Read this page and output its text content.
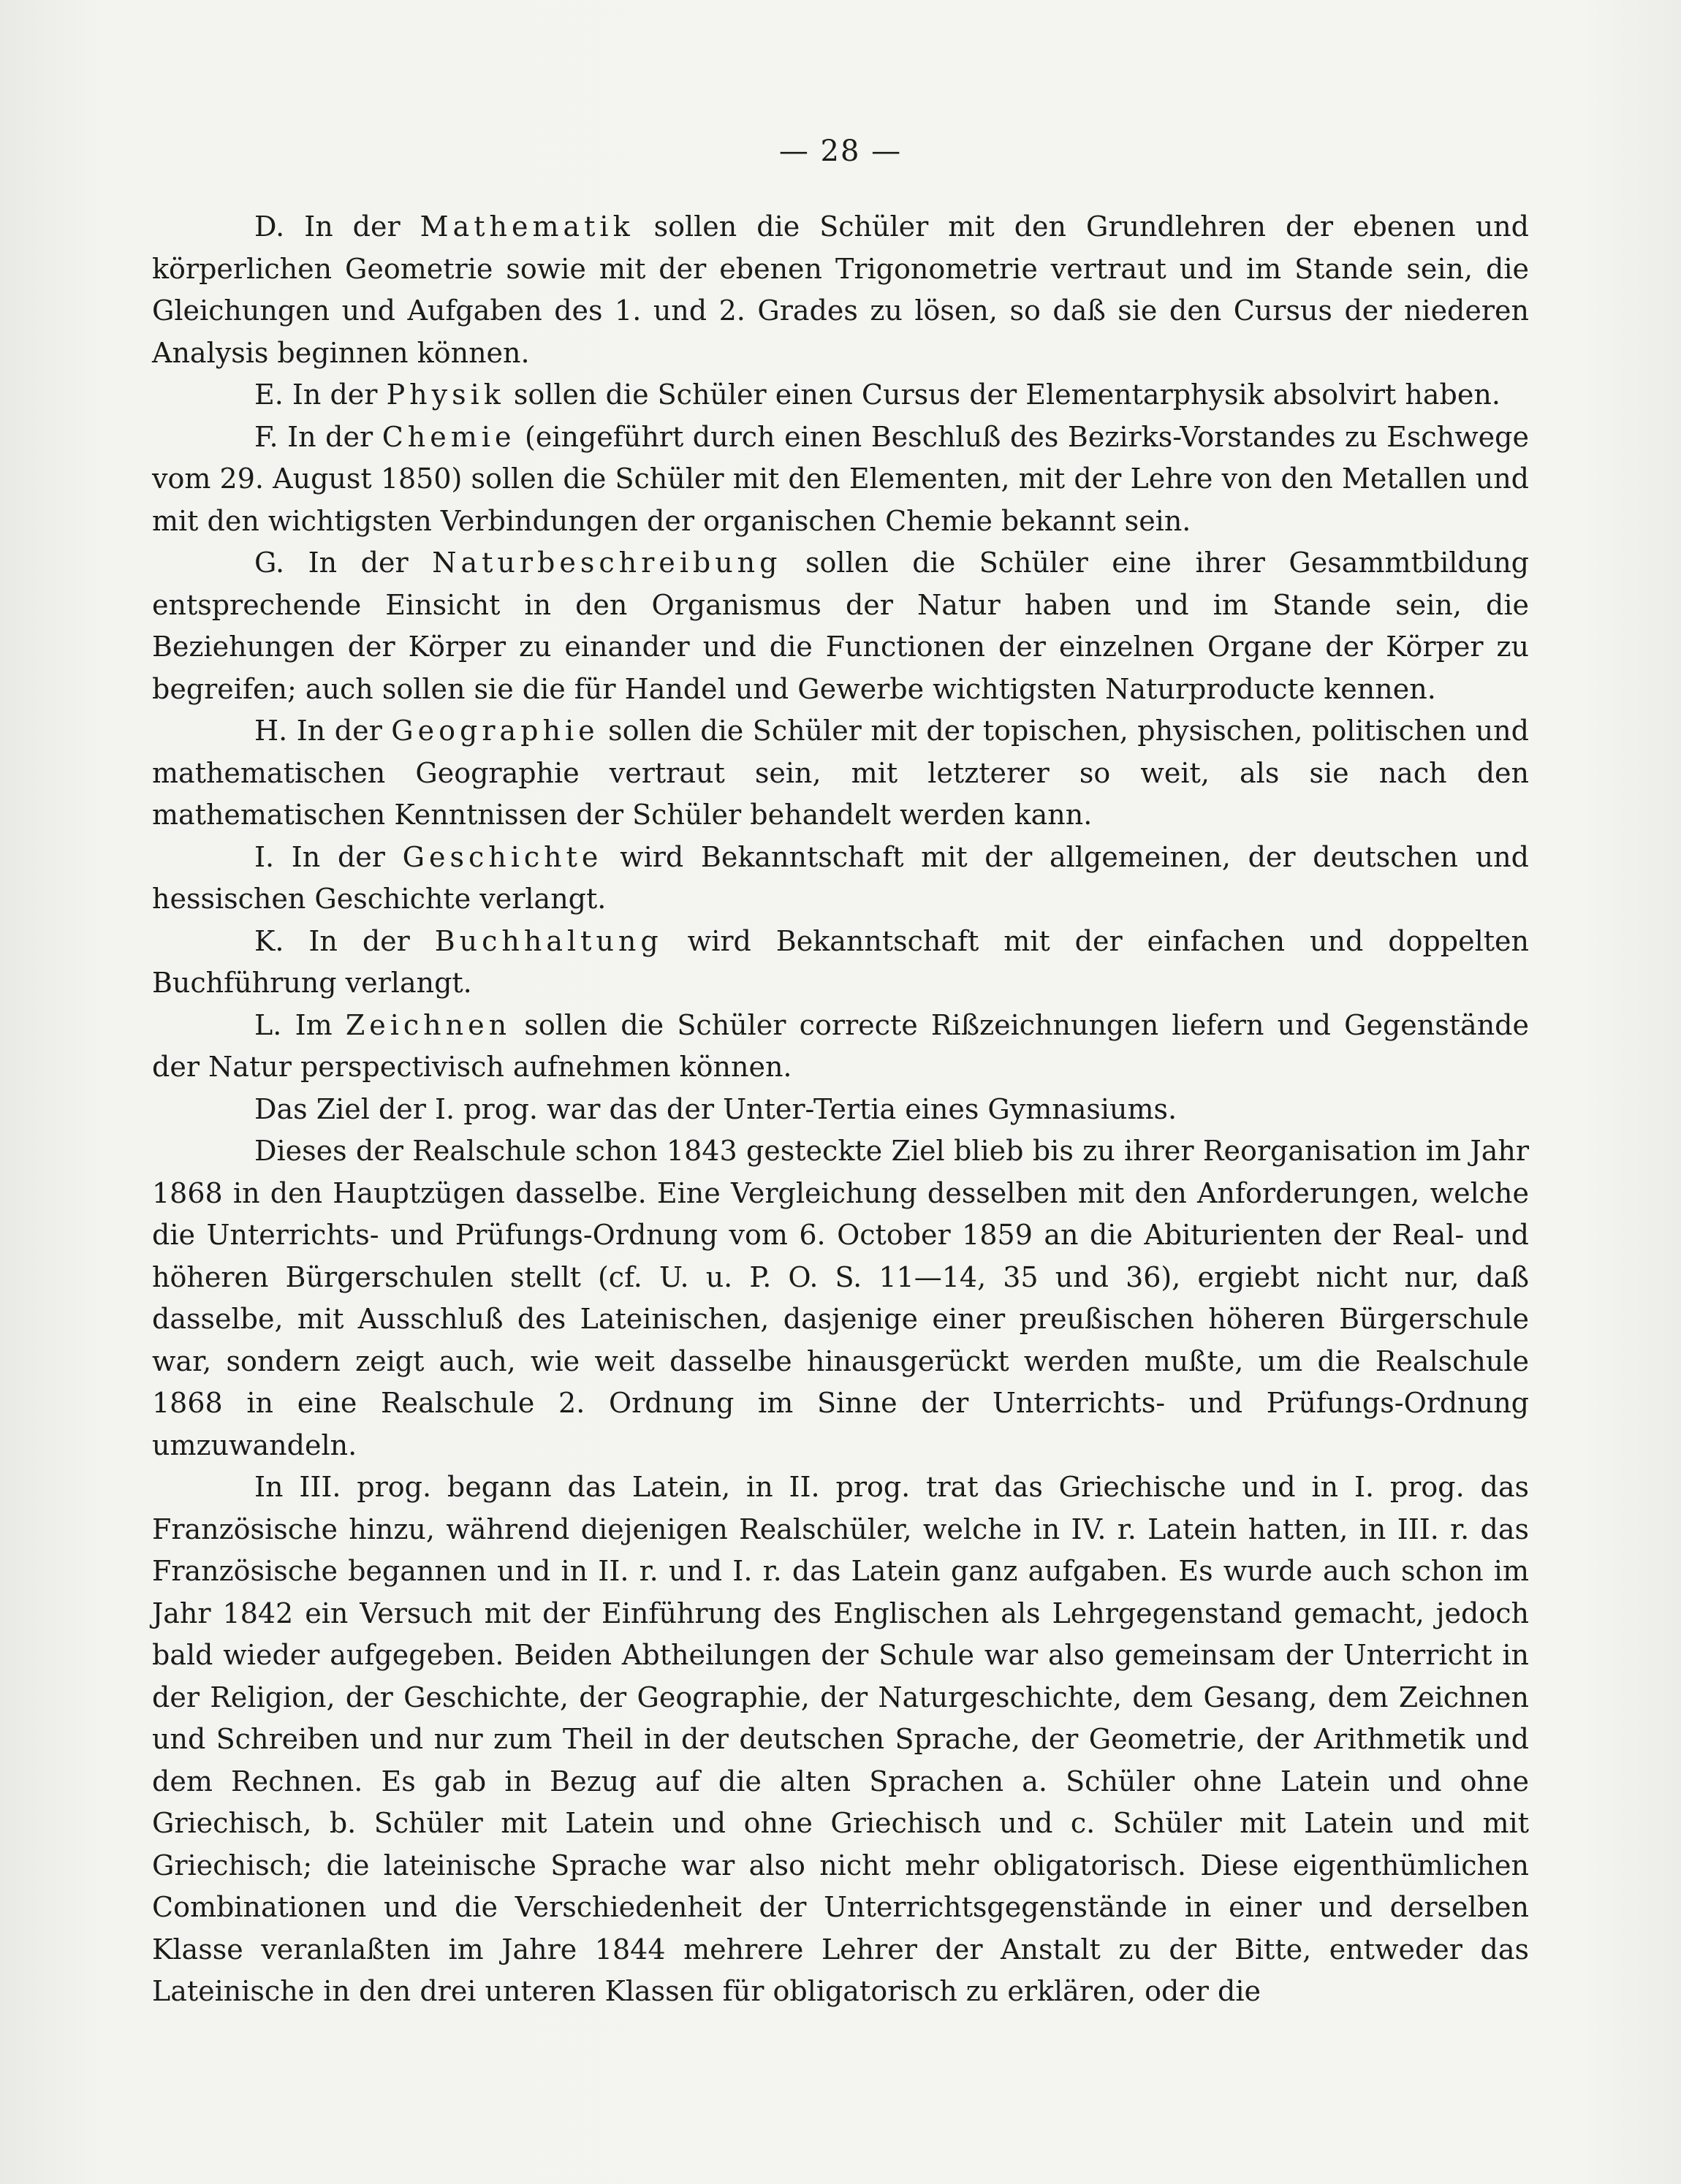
— 28 —

D. In der Mathematik sollen die Schüler mit den Grundlehren der ebenen und körperlichen Geometrie sowie mit der ebenen Trigonometrie vertraut und im Stande sein, die Gleichungen und Aufgaben des 1. und 2. Grades zu lösen, so daß sie den Cursus der niederen Analysis beginnen können.

E. In der Physik sollen die Schüler einen Cursus der Elementarphysik absolvirt haben.

F. In der Chemie (eingeführt durch einen Beschluß des Bezirks-Vorstandes zu Eschwege vom 29. August 1850) sollen die Schüler mit den Elementen, mit der Lehre von den Metallen und mit den wichtigsten Verbindungen der organischen Chemie bekannt sein.

G. In der Naturbeschreibung sollen die Schüler eine ihrer Gesammtbildung entsprechende Einsicht in den Organismus der Natur haben und im Stande sein, die Beziehungen der Körper zu einander und die Functionen der einzelnen Organe der Körper zu begreifen; auch sollen sie die für Handel und Gewerbe wichtigsten Naturproducte kennen.

H. In der Geographie sollen die Schüler mit der topischen, physischen, politischen und mathematischen Geographie vertraut sein, mit letzterer so weit, als sie nach den mathematischen Kenntnissen der Schüler behandelt werden kann.

I. In der Geschichte wird Bekanntschaft mit der allgemeinen, der deutschen und hessischen Geschichte verlangt.

K. In der Buchhaltung wird Bekanntschaft mit der einfachen und doppelten Buchführung verlangt.

L. Im Zeichnen sollen die Schüler correcte Rißzeichnungen liefern und Gegenstände der Natur perspectivisch aufnehmen können.

Das Ziel der I. prog. war das der Unter-Tertia eines Gymnasiums.

Dieses der Realschule schon 1843 gesteckte Ziel blieb bis zu ihrer Reorganisation im Jahr 1868 in den Hauptzügen dasselbe. Eine Vergleichung desselben mit den Anforderungen, welche die Unterrichts- und Prüfungs-Ordnung vom 6. October 1859 an die Abiturienten der Real- und höheren Bürgerschulen stellt (cf. U. u. P. O. S. 11—14, 35 und 36), ergiebt nicht nur, daß dasselbe, mit Ausschluß des Lateinischen, dasjenige einer preußischen höheren Bürgerschule war, sondern zeigt auch, wie weit dasselbe hinausgerückt werden mußte, um die Realschule 1868 in eine Realschule 2. Ordnung im Sinne der Unterrichts- und Prüfungs-Ordnung umzuwandeln.

In III. prog. begann das Latein, in II. prog. trat das Griechische und in I. prog. das Französische hinzu, während diejenigen Realschüler, welche in IV. r. Latein hatten, in III. r. das Französische begannen und in II. r. und I. r. das Latein ganz aufgaben. Es wurde auch schon im Jahr 1842 ein Versuch mit der Einführung des Englischen als Lehrgegenstand gemacht, jedoch bald wieder aufgegeben. Beiden Abtheilungen der Schule war also gemeinsam der Unterricht in der Religion, der Geschichte, der Geographie, der Naturgeschichte, dem Gesang, dem Zeichnen und Schreiben und nur zum Theil in der deutschen Sprache, der Geometrie, der Arithmetik und dem Rechnen. Es gab in Bezug auf die alten Sprachen a. Schüler ohne Latein und ohne Griechisch, b. Schüler mit Latein und ohne Griechisch und c. Schüler mit Latein und mit Griechisch; die lateinische Sprache war also nicht mehr obligatorisch. Diese eigenthümlichen Combinationen und die Verschiedenheit der Unterrichtsgegenstände in einer und derselben Klasse veranlaßten im Jahre 1844 mehrere Lehrer der Anstalt zu der Bitte, entweder das Lateinische in den drei unteren Klassen für obligatorisch zu erklären, oder die
